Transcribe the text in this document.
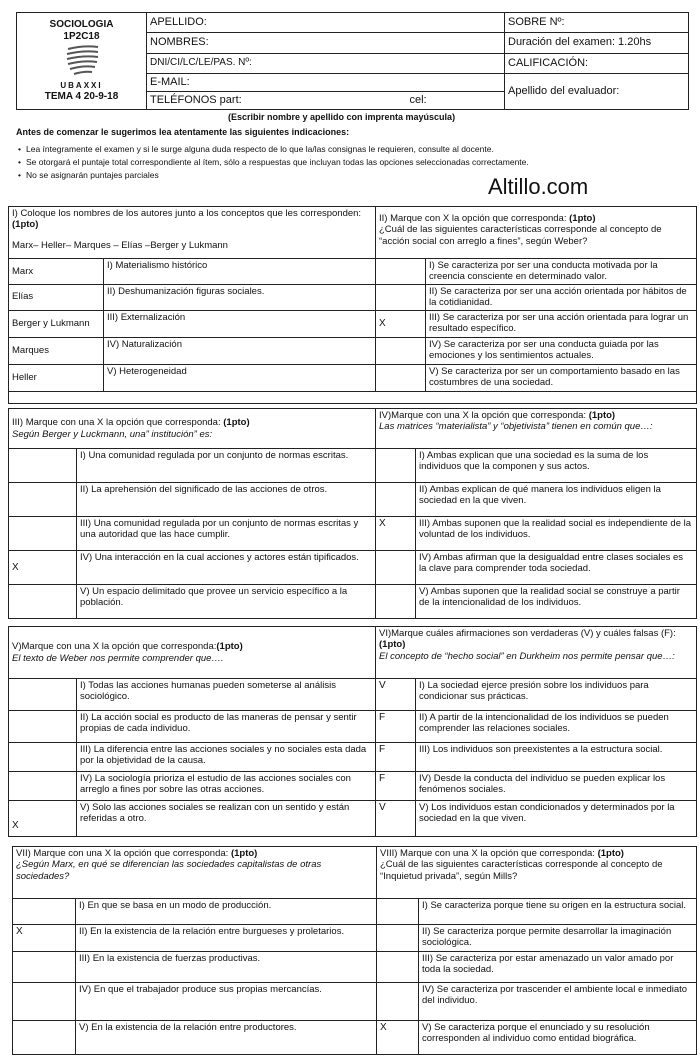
SOCIOLOGIA
1P2C18
UBAXXI
TEMA 4 20-9-18	APELLIDO:	SOBRE Nº:
	NOMBRES:	Duración del examen: 1.20hs
	DNI/CI/LC/LE/PAS. Nº:	CALIFICACIÓN:
	E-MAIL:	Apellido del evaluador:
	TELÉFONOS part: cel:	
(Escribir nombre y apellido con imprenta mayúscula)
Antes de comenzar le sugerimos lea atentamente las siguientes indicaciones:
• Lea íntegramente el examen y si le surge alguna duda respecto de lo que la/las consignas le requieren, consulte al docente.
• Se otorgará el puntaje total correspondiente al ítem, sólo a respuestas que incluyan todas las opciones seleccionadas correctamente.
• No se asignarán puntajes parciales	Altillo.com
I) Coloque los nombres de los autores junto a los conceptos que les corresponden:(1pto)
Marx– Heller– Marques – Elías –Berger y Lukmann		II) Marque con X la opción que corresponda: (1pto)
¿Cuál de las siguientes características corresponde al concepto de “acción social con arreglo a fines”, según Weber?	

Marx	I) Materialismo histórico		I) Se caracteriza por ser una conducta motivada por la creencia consciente en determinado valor.
Elías	II) Deshumanización figuras sociales.		II) Se caracteriza por ser una acción orientada por hábitos de la cotidianidad.
Berger y Lukmann	III) Externalización	X	III) Se caracteriza por ser una acción orientada para lograr un resultado específico.
Marques	IV) Naturalización		IV) Se caracteriza por ser una conducta guiada por las emociones y los sentimientos actuales.
Heller	V) Heterogeneidad		V) Se caracteriza por ser un comportamiento basado en las costumbres de una sociedad.

III) Marque con una X la opción que corresponda: (1pto)
Según Berger y Luckmann, una” institución” es:		IV)Marque con una X la opción que corresponda: (1pto)
Las matrices “materialista” y “objetivista” tienen en común que…:	
	I) Una comunidad regulada por un conjunto de normas escritas.		I) Ambas explican que una sociedad es la suma de los individuos que la componen y sus actos.
	II) La aprehensión del significado de las acciones de otros.		II) Ambas explican de qué manera los individuos eligen la sociedad en la que viven.
	III) Una comunidad regulada por un conjunto de normas escritas y una autoridad que las hace cumplir.	X	III) Ambas suponen que la realidad social es independiente de la voluntad de los individuos.
X	IV) Una interacción en la cual acciones y actores están tipificados.		IV) Ambas afirman que la desigualdad entre clases sociales es la clave para comprender toda sociedad.
	V) Un espacio delimitado que provee un servicio específico a la población.		V) Ambas suponen que la realidad social se construye a partir de la intencionalidad de los individuos.
V)Marque con una X la opción que corresponda:(1pto)
El texto de Weber nos permite comprender que….		VI)Marque cuáles afirmaciones son verdaderas (V) y cuáles falsas (F):(1pto)
El concepto de “hecho social” en Durkheim nos permite pensar que…:	
	I) Todas las acciones humanas pueden someterse al análisis sociológico.	V	I) La sociedad ejerce presión sobre los individuos para condicionar sus prácticas.
	II) La acción social es producto de las maneras de pensar y sentir propias de cada individuo.	F	II) A partir de la intencionalidad de los individuos se pueden comprender las relaciones sociales.
	III) La diferencia entre las acciones sociales y no sociales esta dada por la objetividad de la causa.	F	III) Los individuos son preexistentes a la estructura social.
	IV) La sociología prioriza el estudio de las acciones sociales con arreglo a fines por sobre las otras acciones.	F	IV) Desde la conducta del individuo se pueden explicar los fenómenos sociales.
X	V) Solo las acciones sociales se realizan con un sentido y están referidas a otro.	V	V) Los individuos estan condicionados y determinados por la sociedad en la que viven.
VII) Marque con una X la opción que corresponda: (1pto)
¿Según Marx, en qué se diferencian las sociedades capitalistas de otras sociedades?		VIII) Marque con una X la opción que corresponda: (1pto)
¿Cuál de las siguientes características corresponde al concepto de “Inquietud privada”, según Mills?	
	I) En que se basa en un modo de producción.		I) Se caracteriza porque tiene su origen en la estructura social.
X	II) En la existencia de la relación entre burgueses y proletarios.		II) Se caracteriza porque permite desarrollar la imaginación sociológica.
	III) En la existencia de fuerzas productivas.		III) Se caracteriza por estar amenazado un valor amado por toda la sociedad.
	IV) En que el trabajador produce sus propias mercancías.		IV) Se caracteriza por trascender el ambiente local e inmediato del individuo.
	V) En la existencia de la relación entre productores.	X	V) Se caracteriza porque el enunciado y su resolución corresponden al individuo como entidad biográfica.
